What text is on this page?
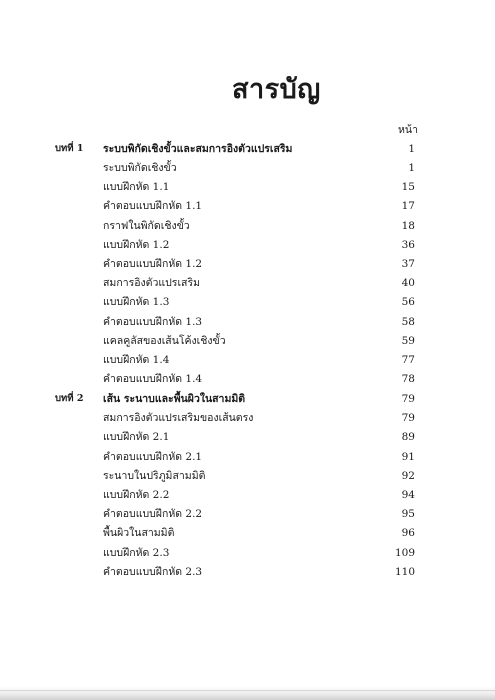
สารบัญ
หน้า
บทที่ 1 ระบบพิกัดเชิงขั้วและสมการอิงตัวแปรเสริม	1
ระบบพิกัดเชิงขั้ว	1
แบบฝึกหัด 1.1	15
คำตอบแบบฝึกหัด 1.1	17
กราฟในพิกัดเชิงขั้ว	18
แบบฝึกหัด 1.2	36
คำตอบแบบฝึกหัด 1.2	37
สมการอิงตัวแปรเสริม	40
แบบฝึกหัด 1.3	56
คำตอบแบบฝึกหัด 1.3	58
แคลคูลัสของเส้นโค้งเชิงขั้ว	59
แบบฝึกหัด 1.4	77
คำตอบแบบฝึกหัด 1.4	78
บทที่ 2 เส้น ระนาบและพื้นผิวในสามมิติ	79
สมการอิงตัวแปรเสริมของเส้นตรง	79
แบบฝึกหัด 2.1	89
คำตอบแบบฝึกหัด 2.1	91
ระนาบในปริภูมิสามมิติ	92
แบบฝึกหัด 2.2	94
คำตอบแบบฝึกหัด 2.2	95
พื้นผิวในสามมิติ	96
แบบฝึกหัด 2.3	109
คำตอบแบบฝึกหัด 2.3	110
